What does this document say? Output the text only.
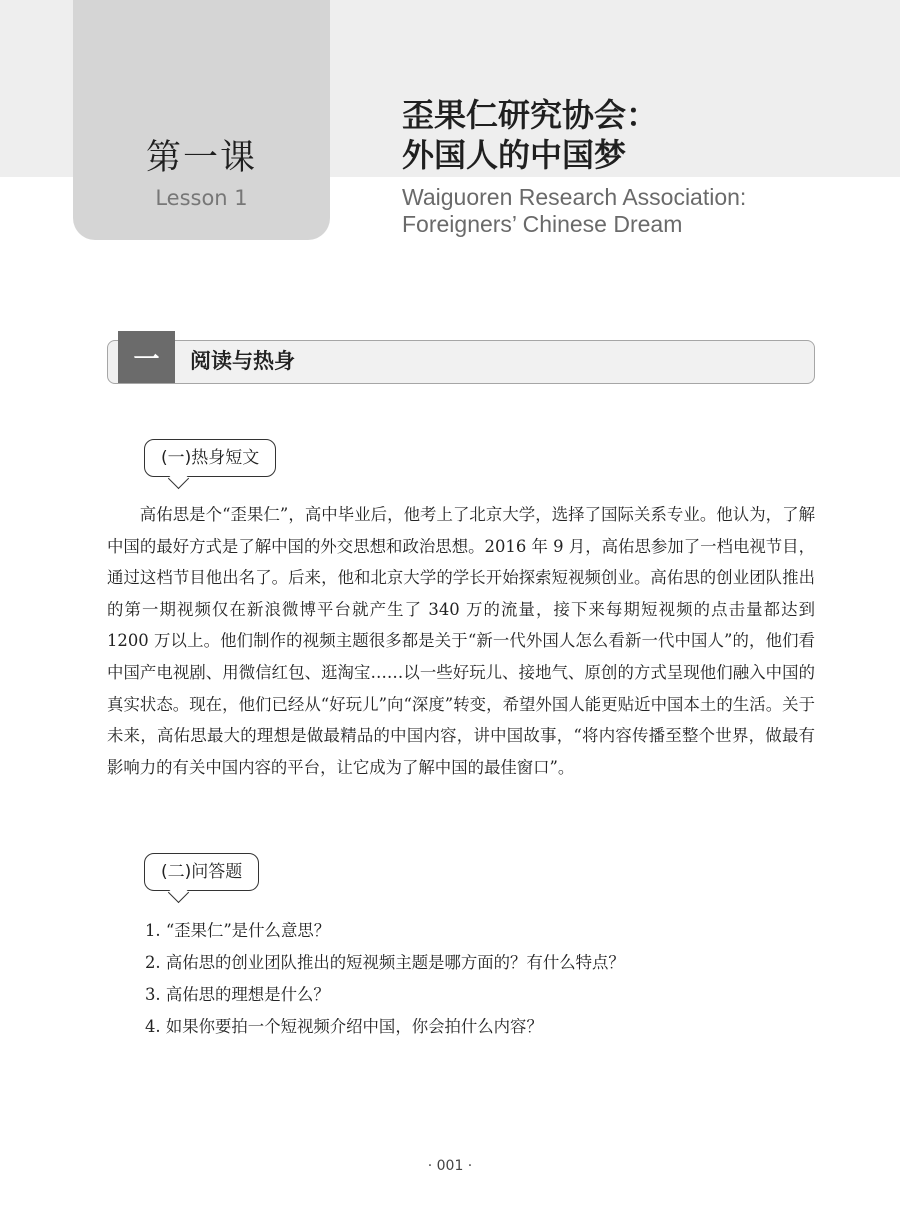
第一课
Lesson 1
歪果仁研究协会：
外国人的中国梦
Waiguoren Research Association:
Foreigners’ Chinese Dream
一	阅读与热身
(一)热身短文

高佑思是个“歪果仁”，高中毕业后，他考上了北京大学，选择了国际关系专业。他认为，了解中国的最好方式是了解中国的外交思想和政治思想。2016 年 9 月，高佑思参加了一档电视节目，通过这档节目他出名了。后来，他和北京大学的学长开始探索短视频创业。高佑思的创业团队推出的第一期视频仅在新浪微博平台就产生了 340 万的流量，接下来每期短视频的点击量都达到 1200 万以上。他们制作的视频主题很多都是关于“新一代外国人怎么看新一代中国人”的，他们看中国产电视剧、用微信红包、逛淘宝……以一些好玩儿、接地气、原创的方式呈现他们融入中国的真实状态。现在，他们已经从“好玩儿”向“深度”转变，希望外国人能更贴近中国本土的生活。关于未来，高佑思最大的理想是做最精品的中国内容，讲中国故事，“将内容传播至整个世界，做最有影响力的有关中国内容的平台，让它成为了解中国的最佳窗口”。

(二)问答题
1. “歪果仁”是什么意思？
2. 高佑思的创业团队推出的短视频主题是哪方面的？有什么特点？
3. 高佑思的理想是什么？
4. 如果你要拍一个短视频介绍中国，你会拍什么内容？
· 001 ·
